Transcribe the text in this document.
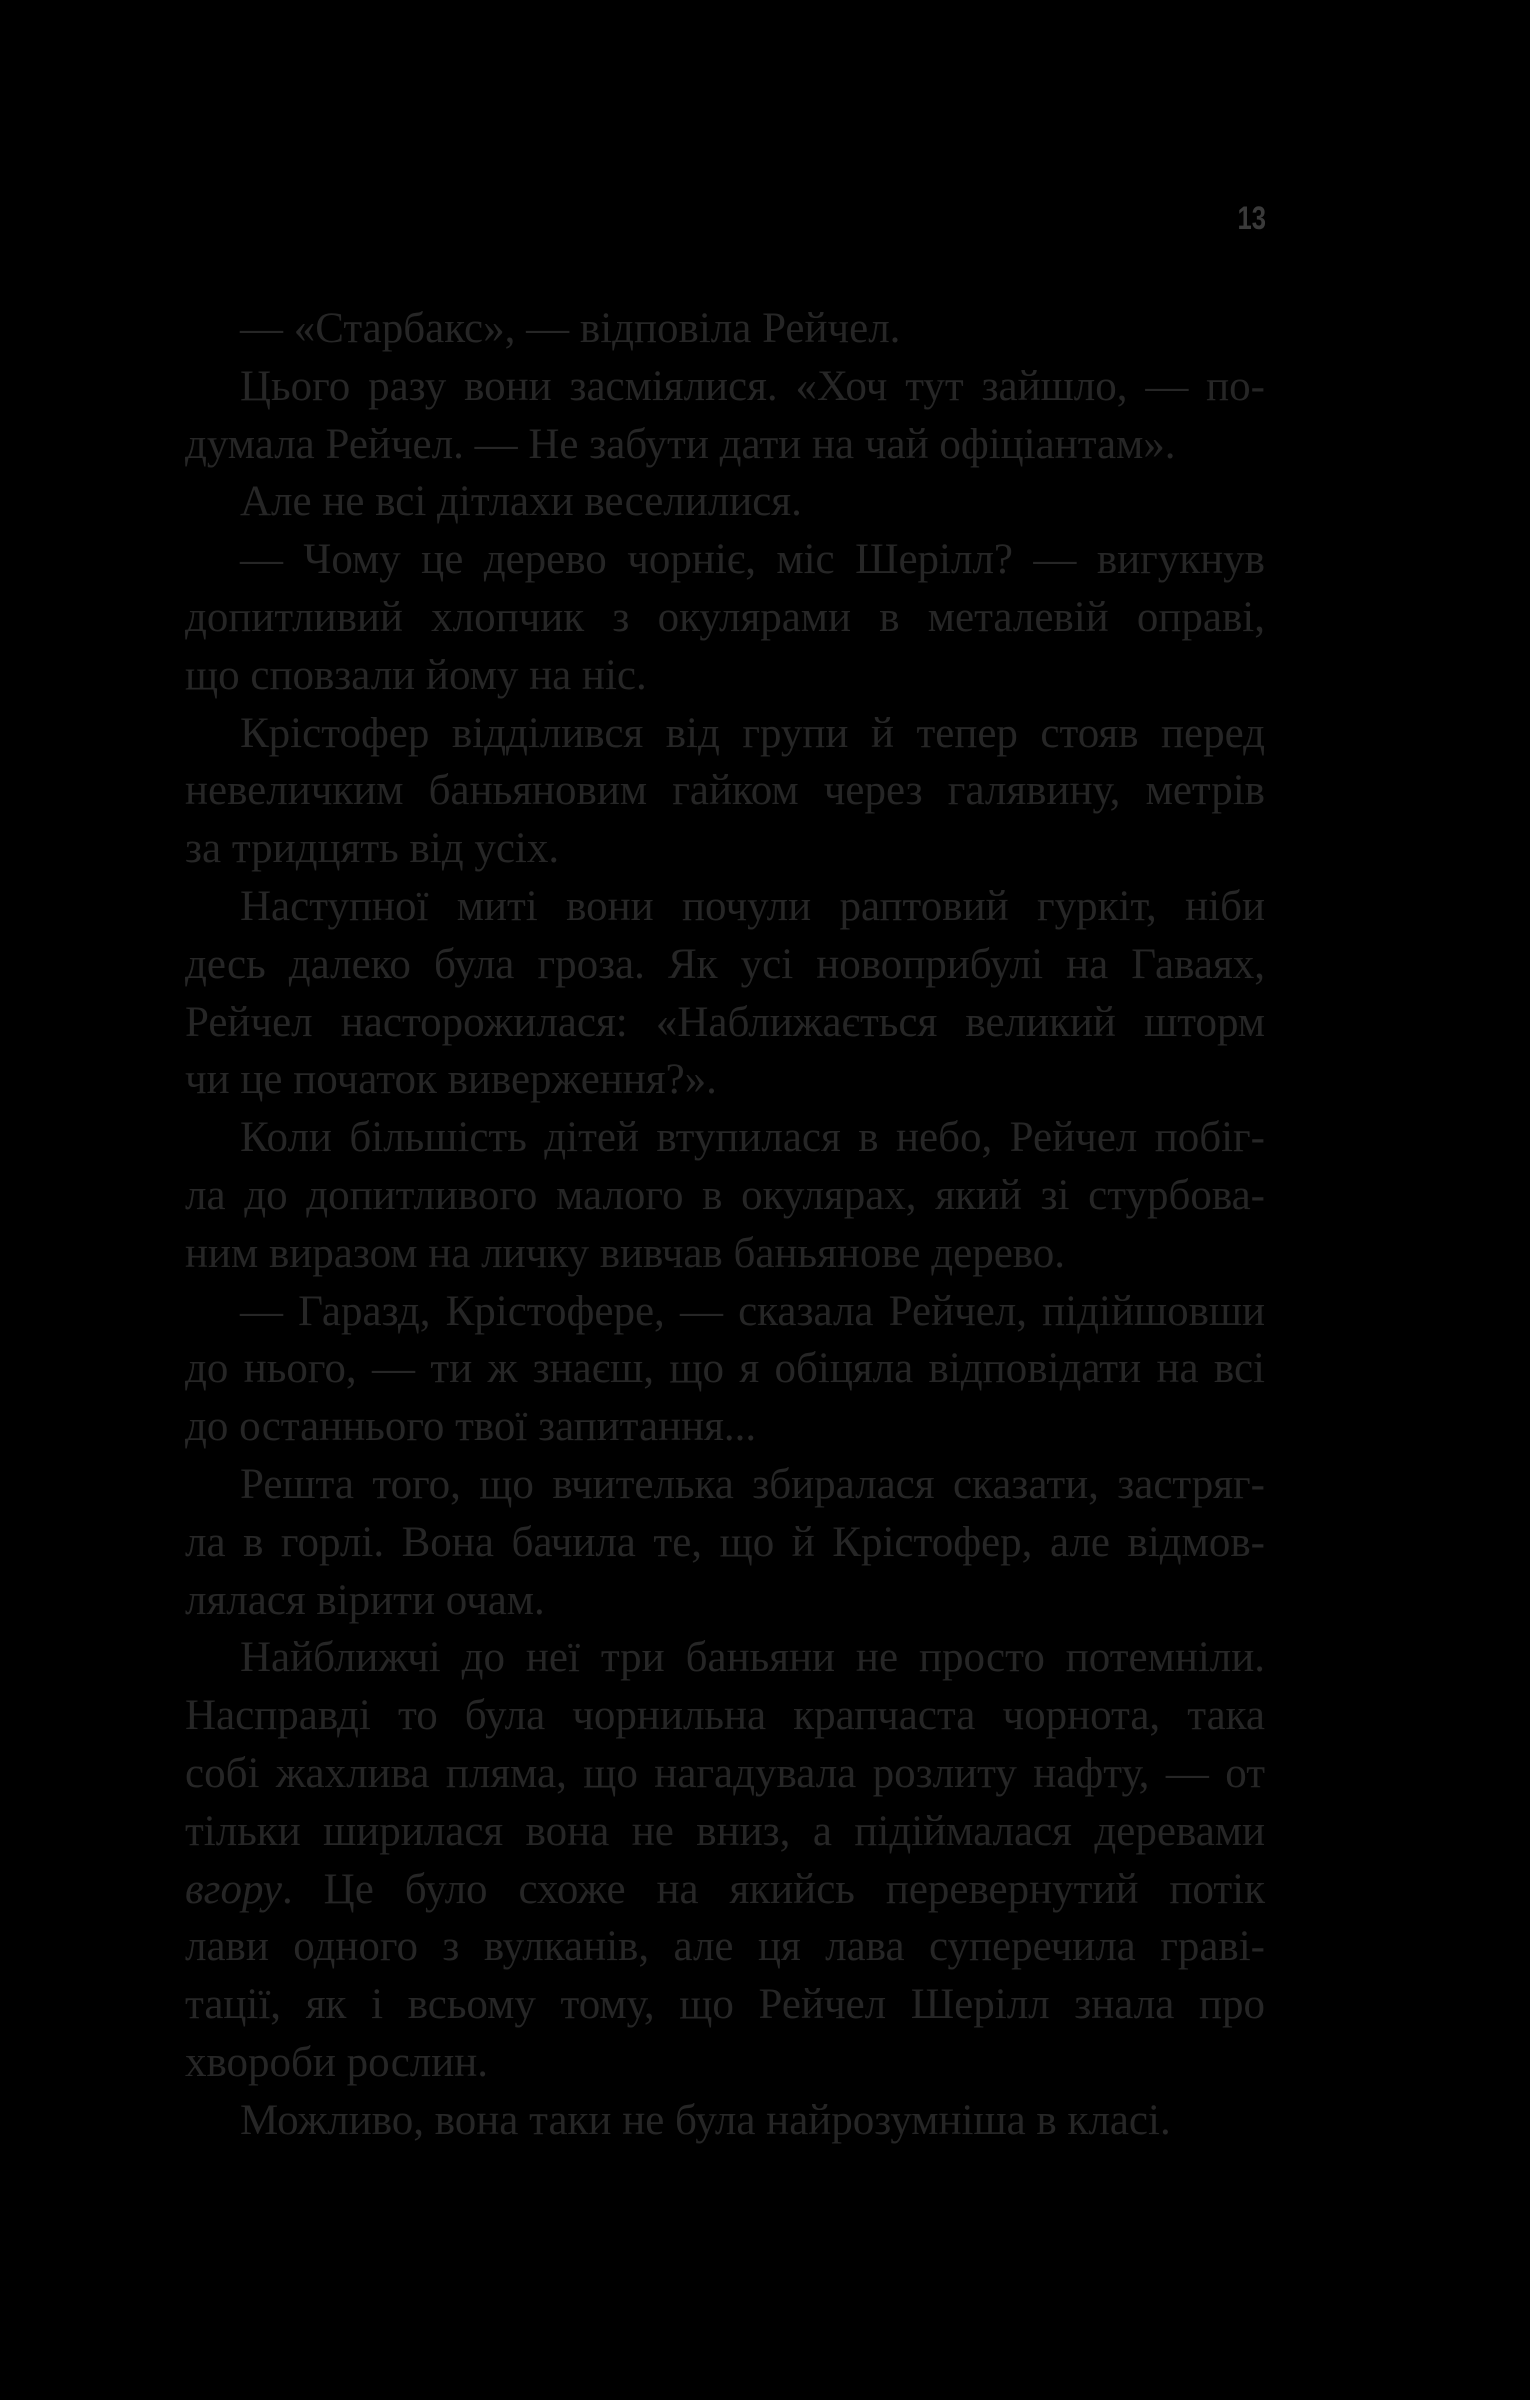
13
— «Старбакс», — відповіла Рейчел.
Цього разу вони засміялися. «Хоч тут зайшло, — по-
думала Рейчел. — Не забути дати на чай офіціантам».
Але не всі дітлахи веселилися.
— Чому це дерево чорніє, міс Шерілл? — вигукнув
допитливий хлопчик з окулярами в металевій оправі,
що сповзали йому на ніс.
Крістофер відділився від групи й тепер стояв перед
невеличким баньяновим гайком через галявину, метрів
за тридцять від усіх.
Наступної миті вони почули раптовий гуркіт, ніби
десь далеко була гроза. Як усі новоприбулі на Гаваях,
Рейчел насторожилася: «Наближається великий шторм
чи це початок виверження?».
Коли більшість дітей втупилася в небо, Рейчел побіг-
ла до допитливого малого в окулярах, який зі стурбова-
ним виразом на личку вивчав баньянове дерево.
— Гаразд, Крістофере, — сказала Рейчел, підійшовши
до нього, — ти ж знаєш, що я обіцяла відповідати на всі
до останнього твої запитання...
Решта того, що вчителька збиралася сказати, застряг-
ла в горлі. Вона бачила те, що й Крістофер, але відмов-
лялася вірити очам.
Найближчі до неї три баньяни не просто потемніли.
Насправді то була чорнильна крапчаста чорнота, така
собі жахлива пляма, що нагадувала розлиту нафту, — от
тільки ширилася вона не вниз, а підіймалася деревами
вгору. Це було схоже на якийсь перевернутий потік
лави одного з вулканів, але ця лава суперечила граві-
тації, як і всьому тому, що Рейчел Шерілл знала про
хвороби рослин.
Можливо, вона таки не була найрозумніша в класі.
